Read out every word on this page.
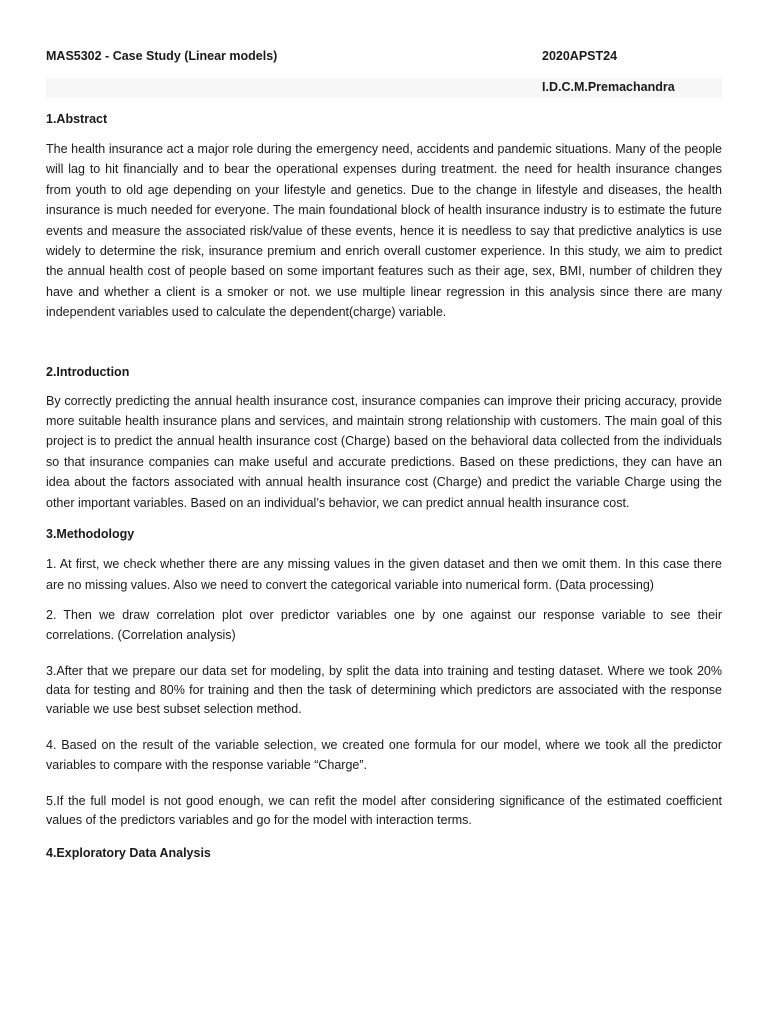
MAS5302 - Case Study (Linear models)	2020APST24
I.D.C.M.Premachandra
1.Abstract

The health insurance act a major role during the emergency need, accidents and pandemic situations. Many of the people will lag to hit financially and to bear the operational expenses during treatment. the need for health insurance changes from youth to old age depending on your lifestyle and genetics. Due to the change in lifestyle and diseases, the health insurance is much needed for everyone. The main foundational block of health insurance industry is to estimate the future events and measure the associated risk/value of these events, hence it is needless to say that predictive analytics is use widely to determine the risk, insurance premium and enrich overall customer experience. In this study, we aim to predict the annual health cost of people based on some important features such as their age, sex, BMI, number of children they have and whether a client is a smoker or not. we use multiple linear regression in this analysis since there are many independent variables used to calculate the dependent(charge) variable.

2.Introduction

By correctly predicting the annual health insurance cost, insurance companies can improve their pricing accuracy, provide more suitable health insurance plans and services, and maintain strong relationship with customers. The main goal of this project is to predict the annual health insurance cost (Charge) based on the behavioral data collected from the individuals so that insurance companies can make useful and accurate predictions. Based on these predictions, they can have an idea about the factors associated with annual health insurance cost (Charge) and predict the variable Charge using the other important variables. Based on an individual’s behavior, we can predict annual health insurance cost.

3.Methodology

1. At first, we check whether there are any missing values in the given dataset and then we omit them. In this case there are no missing values. Also we need to convert the categorical variable into numerical form. (Data processing)

2. Then we draw correlation plot over predictor variables one by one against our response variable to see their correlations. (Correlation analysis)

3.After that we prepare our data set for modeling, by split the data into training and testing dataset. Where we took 20% data for testing and 80% for training and then the task of determining which predictors are associated with the response variable we use best subset selection method.

4. Based on the result of the variable selection, we created one formula for our model, where we took all the predictor variables to compare with the response variable “Charge”.

5.If the full model is not good enough, we can refit the model after considering significance of the estimated coefficient values of the predictors variables and go for the model with interaction terms.

4.Exploratory Data Analysis
